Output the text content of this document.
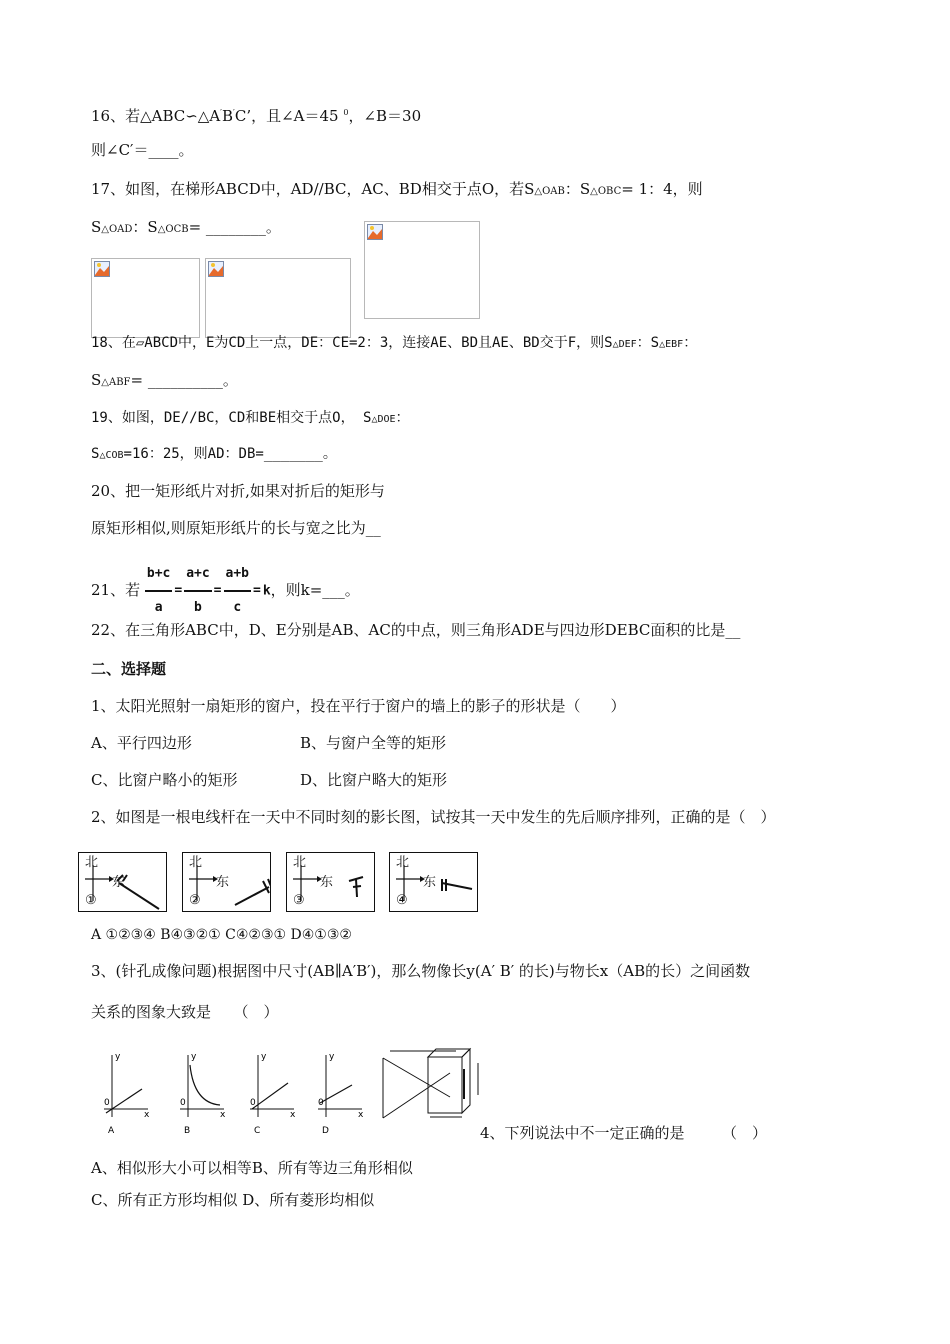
16、若△ABC∽△A′B′C’，且∠A＝45 $^0$，∠B＝30
则∠C′＝____。
17、如图，在梯形ABCD中，AD//BC，AC、BD相交于点O，若S△OAB：S△OBC= 1：4，则
S△OAD：S△OCB= ________。
18、在▱ABCD中，E为CD上一点，DE：CE=2：3，连接AE、BD且AE、BD交于F，则S△DEF：S△EBF：
S△ABF= __________。
19、如图，DE//BC，CD和BE相交于点O， S△DOE：
S△COB=16：25，则AD：DB=_______。
20、把一矩形纸片对折,如果对折后的矩形与
原矩形相似,则原矩形纸片的长与宽之比为__
21、若 $\frac{b+c}{a} = \frac{a+c}{b} = \frac{a+b}{c} = k$，则k=___。
22、在三角形ABC中，D、E分别是AB、AC的中点，则三角形ADE与四边形DEBC面积的比是__
二、选择题
1、太阳光照射一扇矩形的窗户，投在平行于窗户的墙上的影子的形状是（　　）
A、平行四边形	B、与窗户全等的矩形
C、比窗户略小的矩形	D、比窗户略大的矩形
2、如图是一根电线杆在一天中不同时刻的影长图，试按其一天中发生的先后顺序排列，正确的是（　）
北
东
①
北
东
②
北
东
③
北
东
④
A ①②③④ B④③②① C④②③① D④①③②
3、(针孔成像问题)根据图中尺寸(AB∥A′B′)，那么物像长y(A′ B′ 的长)与物长x（AB的长）之间函数
关系的图象大致是　　（　）
y
x
0
A
y
x
0
B
y
x
0
C
y
x
0
D	4、下列说法中不一定正确的是　　　（　）
A、相似形大小可以相等B、所有等边三角形相似
C、所有正方形均相似 D、所有菱形均相似
